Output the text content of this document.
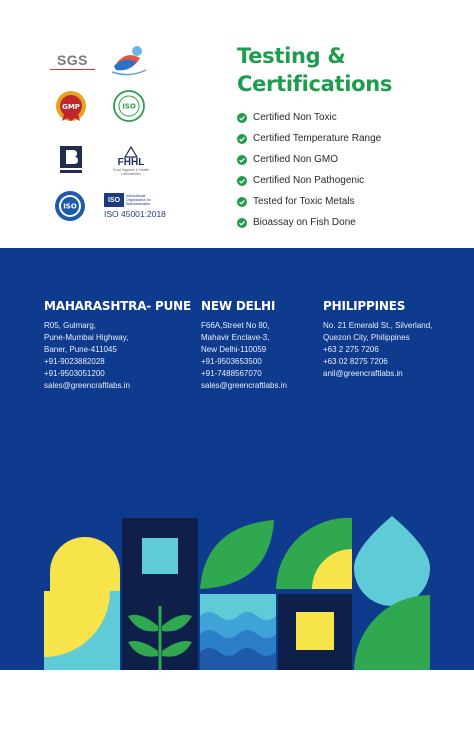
SGS
GMP	ISO
FHHL
Food Hygiene & Health Laboratories
ISO
ISO
International Organization for Standardization
ISO 45001:2018
Testing &
Certifications
Certified Non Toxic
Certified Temperature Range
Certified Non GMO
Certified Non Pathogenic
Tested for Toxic Metals
Bioassay on Fish Done
MAHARASHTRA- PUNE
R05, Gulmarg,
Pune-Mumbai Highway,
Baner, Pune-411045
+91-9023882028
+91-9503051200
sales@greencraftlabs.in
NEW DELHI
F66A,Street No 80,
Mahavir Enclave-3,
New Delhi-110059
+91-9503653500
+91-7488567070
sales@greencraftlabs.in
PHILIPPINES
No. 21 Emerald St., Silverland,
Quezon City, Philippines
+63 2 275 7206
+63 02 8275 7206
anil@greencraftlabs.in
